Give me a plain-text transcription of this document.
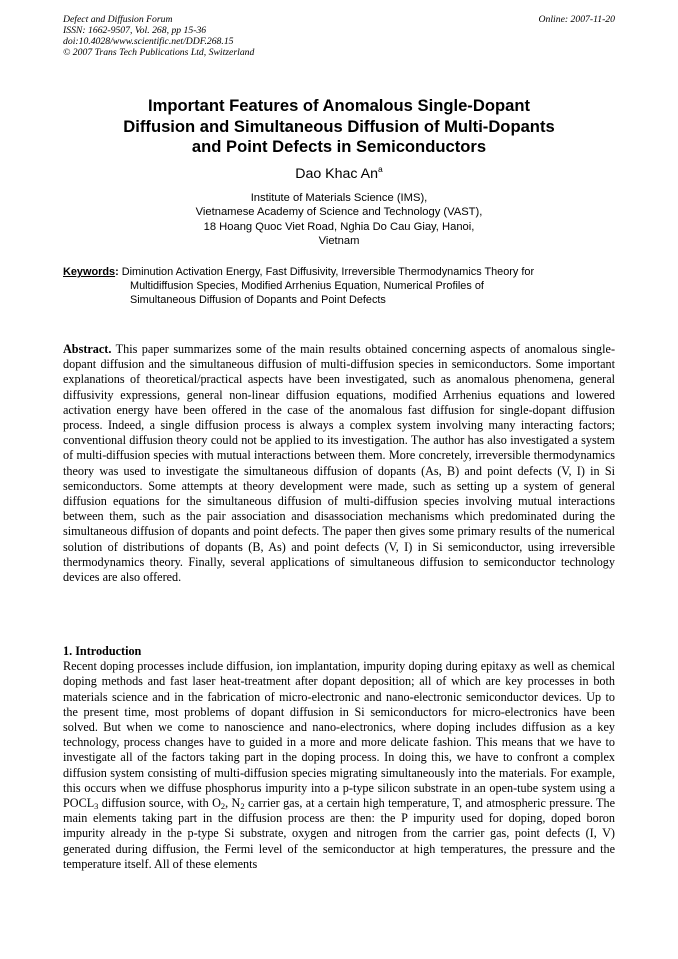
Defect and Diffusion Forum
ISSN: 1662-9507, Vol. 268, pp 15-36
doi:10.4028/www.scientific.net/DDF.268.15
© 2007 Trans Tech Publications Ltd, Switzerland
Online: 2007-11-20
Important Features of Anomalous Single-Dopant
Diffusion and Simultaneous Diffusion of Multi-Dopants
and Point Defects in Semiconductors
Dao Khac An$^a$
Institute of Materials Science (IMS),
Vietnamese Academy of Science and Technology (VAST),
18 Hoang Quoc Viet Road, Nghia Do Cau Giay, Hanoi,
Vietnam
Keywords: Diminution Activation Energy, Fast Diffusivity, Irreversible Thermodynamics Theory for
Multidiffusion Species, Modified Arrhenius Equation, Numerical Profiles of
Simultaneous Diffusion of Dopants and Point Defects

Abstract. This paper summarizes some of the main results obtained concerning aspects of anomalous single-dopant diffusion and the simultaneous diffusion of multi-diffusion species in semiconductors. Some important explanations of theoretical/practical aspects have been investigated, such as anomalous phenomena, general diffusivity expressions, general non-linear diffusion equations, modified Arrhenius equations and lowered activation energy have been offered in the case of the anomalous fast diffusion for single-dopant diffusion process. Indeed, a single diffusion process is always a complex system involving many interacting factors; conventional diffusion theory could not be applied to its investigation. The author has also investigated a system of multi-diffusion species with mutual interactions between them. More concretely, irreversible thermodynamics theory was used to investigate the simultaneous diffusion of dopants (As, B) and point defects (V, I) in Si semiconductors. Some attempts at theory development were made, such as setting up a system of general diffusion equations for the simultaneous diffusion of multi-diffusion species involving mutual interactions between them, such as the pair association and disassociation mechanisms which predominated during the simultaneous diffusion of dopants and point defects. The paper then gives some primary results of the numerical solution of distributions of dopants (B, As) and point defects (V, I) in Si semiconductor, using irreversible thermodynamics theory. Finally, several applications of simultaneous diffusion to semiconductor technology devices are also offered.

1. Introduction

Recent doping processes include diffusion, ion implantation, impurity doping during epitaxy as well as chemical doping methods and fast laser heat-treatment after dopant deposition; all of which are key processes in both materials science and in the fabrication of micro-electronic and nano-electronic semiconductor devices. Up to the present time, most problems of dopant diffusion in Si semiconductors for micro-electronics have been solved. But when we come to nanoscience and nano-electronics, where doping includes diffusion as a key technology, process changes have to guided in a more and more delicate fashion. This means that we have to investigate all of the factors taking part in the doping process. In doing this, we have to confront a complex diffusion system consisting of multi-diffusion species migrating simultaneously into the materials. For example, this occurs when we diffuse phosphorus impurity into a p-type silicon substrate in an open-tube system using a $POCL_3$ diffusion source, with $O_2$, $N_2$ carrier gas, at a certain high temperature, T, and atmospheric pressure. The main elements taking part in the diffusion process are then: the P impurity used for doping, doped boron impurity already in the p-type Si substrate, oxygen and nitrogen from the carrier gas, point defects (I, V) generated during diffusion, the Fermi level of the semiconductor at high temperatures, the pressure and the temperature itself. All of these elements
